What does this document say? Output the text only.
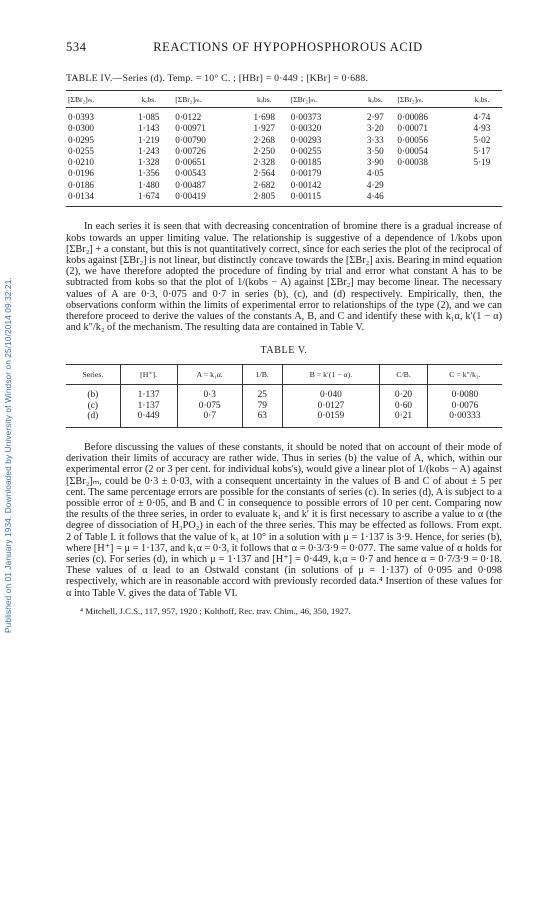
Published on 01 January 1934. Downloaded by University of Windsor on 25/10/2014 09:32:21.
534	REACTIONS OF HYPOPHOSPHOROUS ACID
TABLE IV.—Series (d). Temp. = 10° C. ; [HBr] = 0·449 ; [KBr] = 0·688.
[ΣBr₂]ₘ.	kₒbs.	[ΣBr₂]ₘ.	kₒbs.	[ΣBr₂]ₘ.	kₒbs.	[ΣBr₂]ₘ.	kₒbs.
0·0393	1·085	0·0122	1·698	0·00373	2·97	0·00086	4·74
0·0300	1·143	0·00971	1·927	0·00320	3·20	0·00071	4·93
0·0295	1·219	0·00790	2·268	0·00293	3·33	0·00056	5·02
0·0255	1·243	0·00726	2·250	0·00255	3·50	0·00054	5·17
0·0210	1·328	0·00651	2·328	0·00185	3·90	0·00038	5·19
0·0196	1·356	0·00543	2·564	0·00179	4·05		
0·0186	1·480	0·00487	2·682	0·00142	4·29		
0·0134	1·674	0·00419	2·805	0·00115	4·46		
In each series it is seen that with decreasing concentration of bromine there is a gradual increase of kobs towards an upper limiting value. The relationship is suggestive of a dependence of 1/kobs upon [ΣBr₂] + a constant, but this is not quantitatively correct, since for each series the plot of the reciprocal of kobs against [ΣBr₂] is not linear, but distinctly concave towards the [ΣBr₂] axis. Bearing in mind equation (2), we have therefore adopted the procedure of finding by trial and error what constant A has to be subtracted from kobs so that the plot of 1/(kobs − A) against [ΣBr₂] may become linear. The necessary values of A are 0·3, 0·075 and 0·7 in series (b), (c), and (d) respectively. Empirically, then, the observations conform within the limits of experimental error to relationships of the type (2), and we can therefore proceed to derive the values of the constants A, B, and C and identify these with k₁α, k′(1 − α) and k″/k₂ of the mechanism. The resulting data are contained in Table V.
TABLE V.
Series.	[H⁺].	A = k₁α.	1/B.	B = k′(1 − α).	C/B.	C = k″/k₂.
(b)	1·137	0·3	25	0·040	0·20	0·0080
(c)	1·137	0·075	79	0·0127	0·60	0·0076
(d)	0·449	0·7	63	0·0159	0·21	0·00333
Before discussing the values of these constants, it should be noted that on account of their mode of derivation their limits of accuracy are rather wide. Thus in series (b) the value of A, which, within our experimental error (2 or 3 per cent. for individual kobs's), would give a linear plot of 1/(kobs − A) against [ΣBr₂]ₘ, could be 0·3 ± 0·03, with a consequent uncertainty in the values of B and C of about ± 5 per cent. The same percentage errors are possible for the constants of series (c). In series (d), A is subject to a possible error of ± 0·05, and B and C in consequence to possible errors of 10 per cent. Comparing now the results of the three series, in order to evaluate k₁ and k′ it is first necessary to ascribe a value to α (the degree of dissociation of H₃PO₂) in each of the three series. This may be effected as follows. From expt. 2 of Table I. it follows that the value of k₁ at 10° in a solution with μ = 1·137 is 3·9. Hence, for series (b), where [H⁺] = μ = 1·137, and k₁α = 0·3, it follows that α = 0·3/3·9 = 0·077. The same value of α holds for series (c). For series (d), in which μ = 1·137 and [H⁺] = 0·449, k₁α = 0·7 and hence α = 0·7/3·9 = 0·18. These values of α lead to an Ostwald constant (in solutions of μ = 1·137) of 0·095 and 0·098 respectively, which are in reasonable accord with previously recorded data.⁴ Insertion of these values for α into Table V. gives the data of Table VI.
⁴ Mitchell, J.C.S., 117, 957, 1920 ; Kolthoff, Rec. trav. Chim., 46, 350, 1927.
